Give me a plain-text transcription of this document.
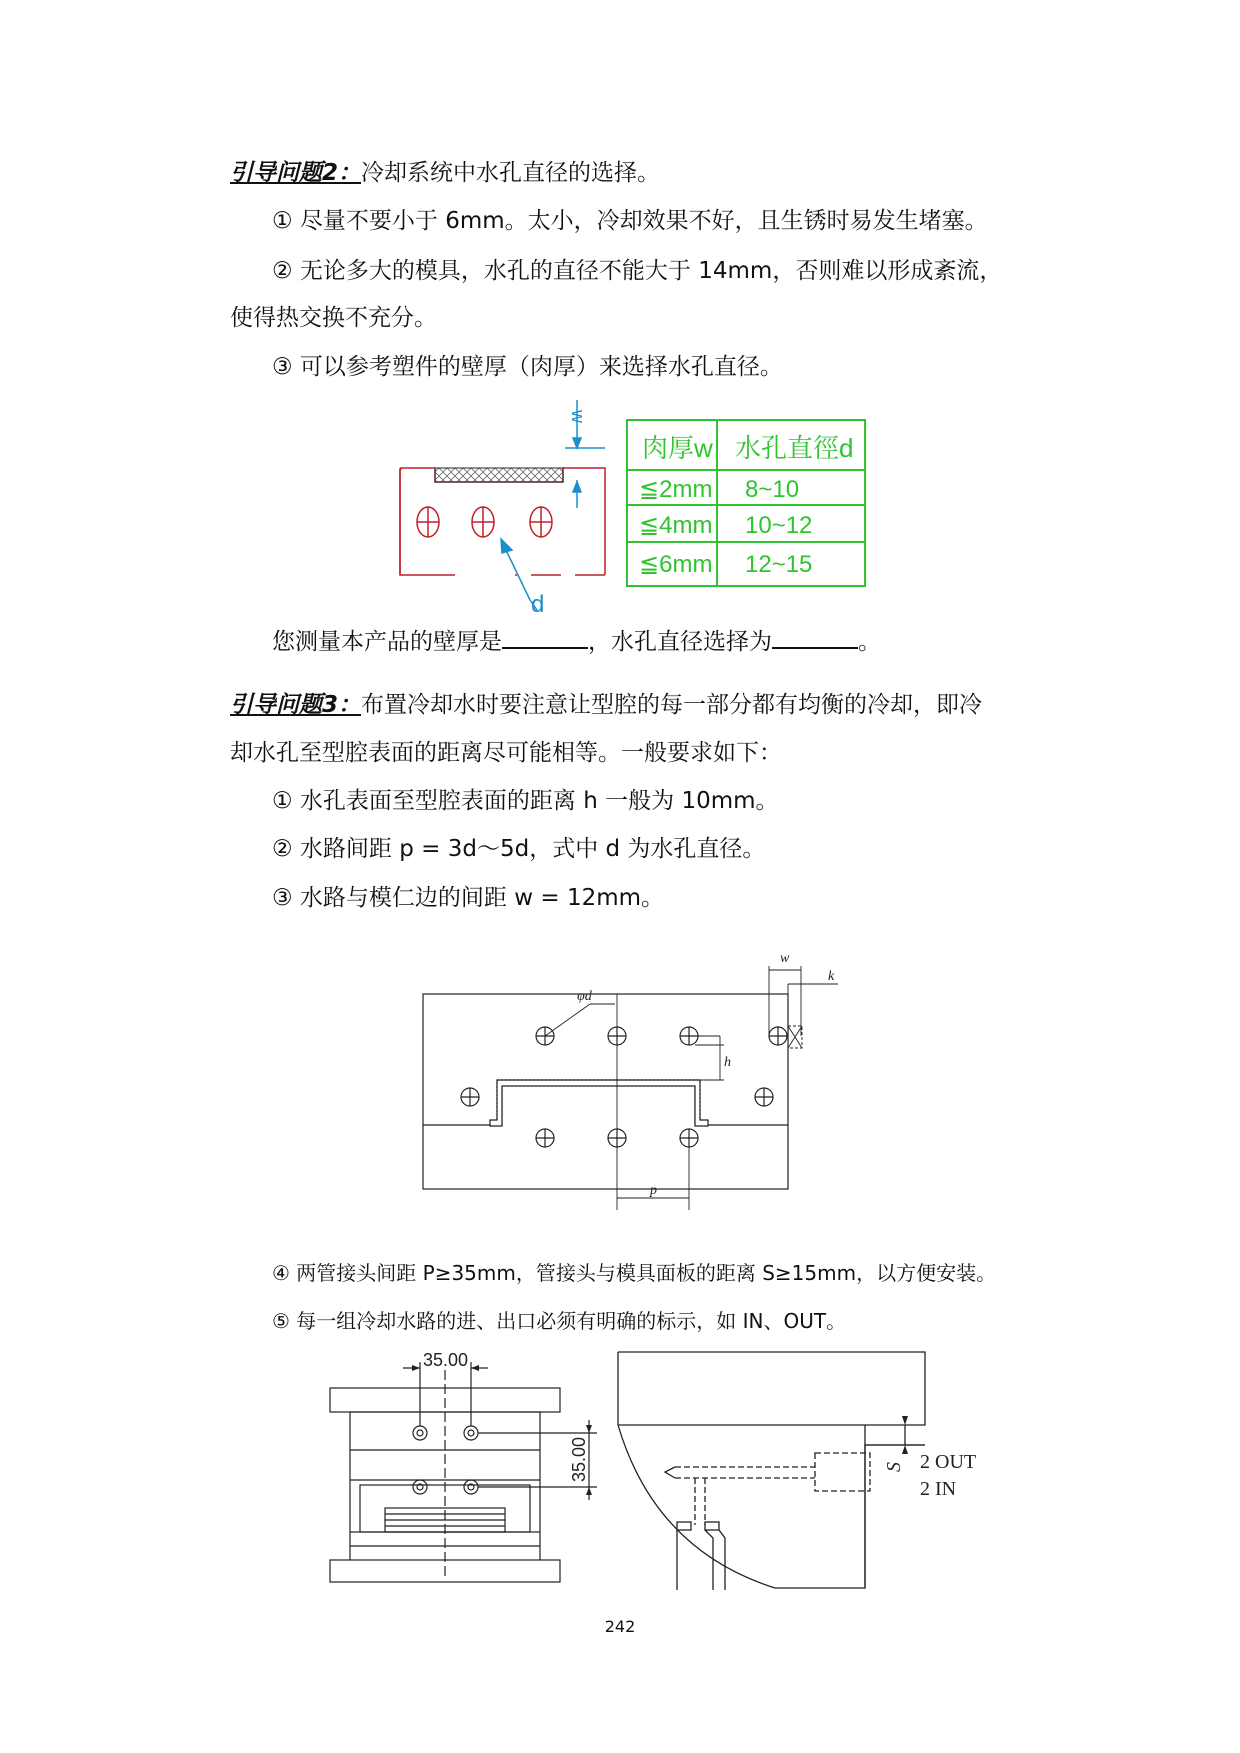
引导问题2：冷却系统中水孔直径的选择。
① 尽量不要小于 6mm。太小，冷却效果不好，且生锈时易发生堵塞。
② 无论多大的模具，水孔的直径不能大于 14mm，否则难以形成紊流，
使得热交换不充分。
③ 可以参考塑件的壁厚（肉厚）来选择水孔直径。
d
w
肉厚w 水孔直徑d
≦2mm 8~10
≦4mm 10~12
≦6mm 12~15
您测量本产品的壁厚是	，水孔直径选择为	。
引导问题3：布置冷却水时要注意让型腔的每一部分都有均衡的冷却，即冷
却水孔至型腔表面的距离尽可能相等。一般要求如下：
① 水孔表面至型腔表面的距离 h 一般为 10mm。
② 水路间距 p = 3d～5d，式中 d 为水孔直径。
③ 水路与模仁边的间距 w = 12mm。
w
k
φd
h
p
④ 两管接头间距 P≥35mm，管接头与模具面板的距离 S≥15mm，以方便安装。
⑤ 每一组冷却水路的进、出口必须有明确的标示，如 IN、OUT。
35.00
35.00	S 2 OUT
2 IN
242
